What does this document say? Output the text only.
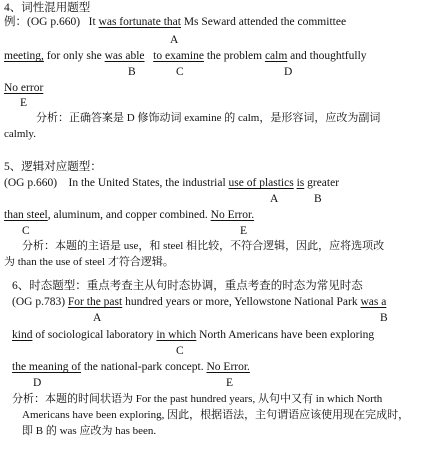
4、词性混用题型
例：(OG p.660)   It was fortunate that Ms Seward attended the committee
A
meeting, for only she was able to examine the problem calm and thoughtfully
B	C	D
No error
E
分析：正确答案是 D 修饰动词 examine 的 calm，是形容词，应改为副词
calmly.
5、逻辑对应题型：
(OG p.660)    In the United States, the industrial use of plastics is greater
A	B
than steel, aluminum, and copper combined. No Error.
C	E
分析：本题的主语是 use，和 steel 相比较，不符合逻辑，因此，应将选项改
为 than the use of steel 才符合逻辑。
6、时态题型：重点考查主从句时态协调，重点考查的时态为常见时态
(OG p.783) For the past hundred years or more, Yellowstone National Park was a
A	B
kind of sociological laboratory in which North Americans have been exploring
C
the meaning of the national-park concept. No Error.
D	E
分析：本题的时间状语为 For the past hundred years, 从句中又有 in which North
Americans have been exploring, 因此，根据语法，主句谓语应该使用现在完成时，
即 B 的 was 应改为 has been.
